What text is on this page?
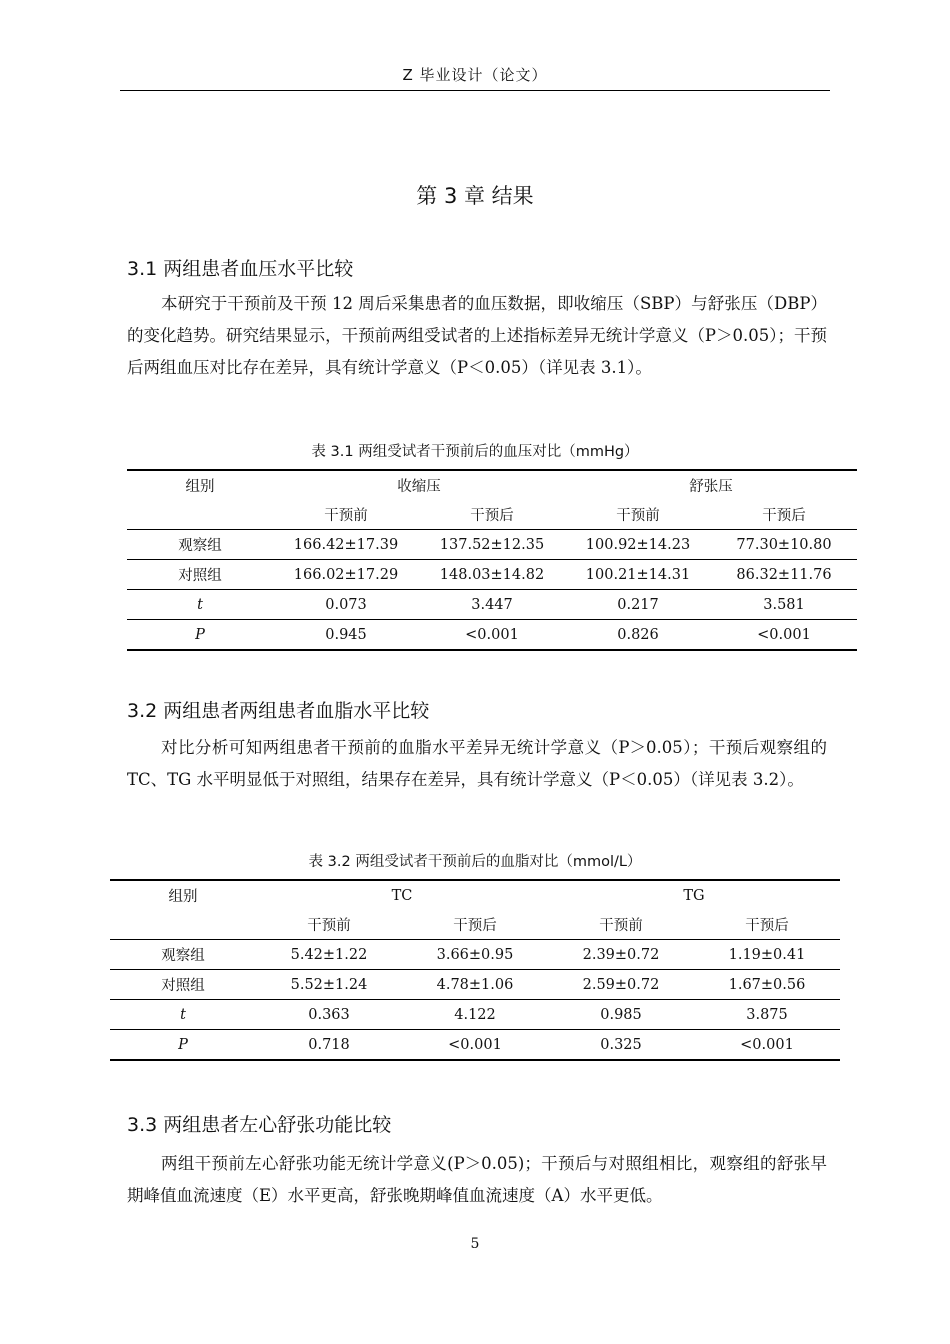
Z 毕业设计（论文）
第 3 章 结果
3.1 两组患者血压水平比较

本研究于干预前及干预 12 周后采集患者的血压数据，即收缩压（SBP）与舒张压（DBP）的变化趋势。研究结果显示，干预前两组受试者的上述指标差异无统计学意义（P＞0.05）；干预后两组血压对比存在差异，具有统计学意义（P＜0.05）（详见表 3.1）。

表 3.1 两组受试者干预前后的血压对比（mmHg）
组别	收缩压		舒张压	
	干预前	干预后	干预前	干预后
观察组	166.42±17.39	137.52±12.35	100.92±14.23	77.30±10.80
对照组	166.02±17.29	148.03±14.82	100.21±14.31	86.32±11.76
t	0.073	3.447	0.217	3.581
P	0.945	<0.001	0.826	<0.001
3.2 两组患者两组患者血脂水平比较

对比分析可知两组患者干预前的血脂水平差异无统计学意义（P＞0.05）；干预后观察组的 TC、TG 水平明显低于对照组，结果存在差异，具有统计学意义（P＜0.05）（详见表 3.2）。

表 3.2 两组受试者干预前后的血脂对比（mmol/L）
组别	TC		TG	
	干预前	干预后	干预前	干预后
观察组	5.42±1.22	3.66±0.95	2.39±0.72	1.19±0.41
对照组	5.52±1.24	4.78±1.06	2.59±0.72	1.67±0.56
t	0.363	4.122	0.985	3.875
P	0.718	<0.001	0.325	<0.001
3.3 两组患者左心舒张功能比较

两组干预前左心舒张功能无统计学意义(P＞0.05)；干预后与对照组相比，观察组的舒张早期峰值血流速度（E）水平更高，舒张晚期峰值血流速度（A）水平更低。

5
